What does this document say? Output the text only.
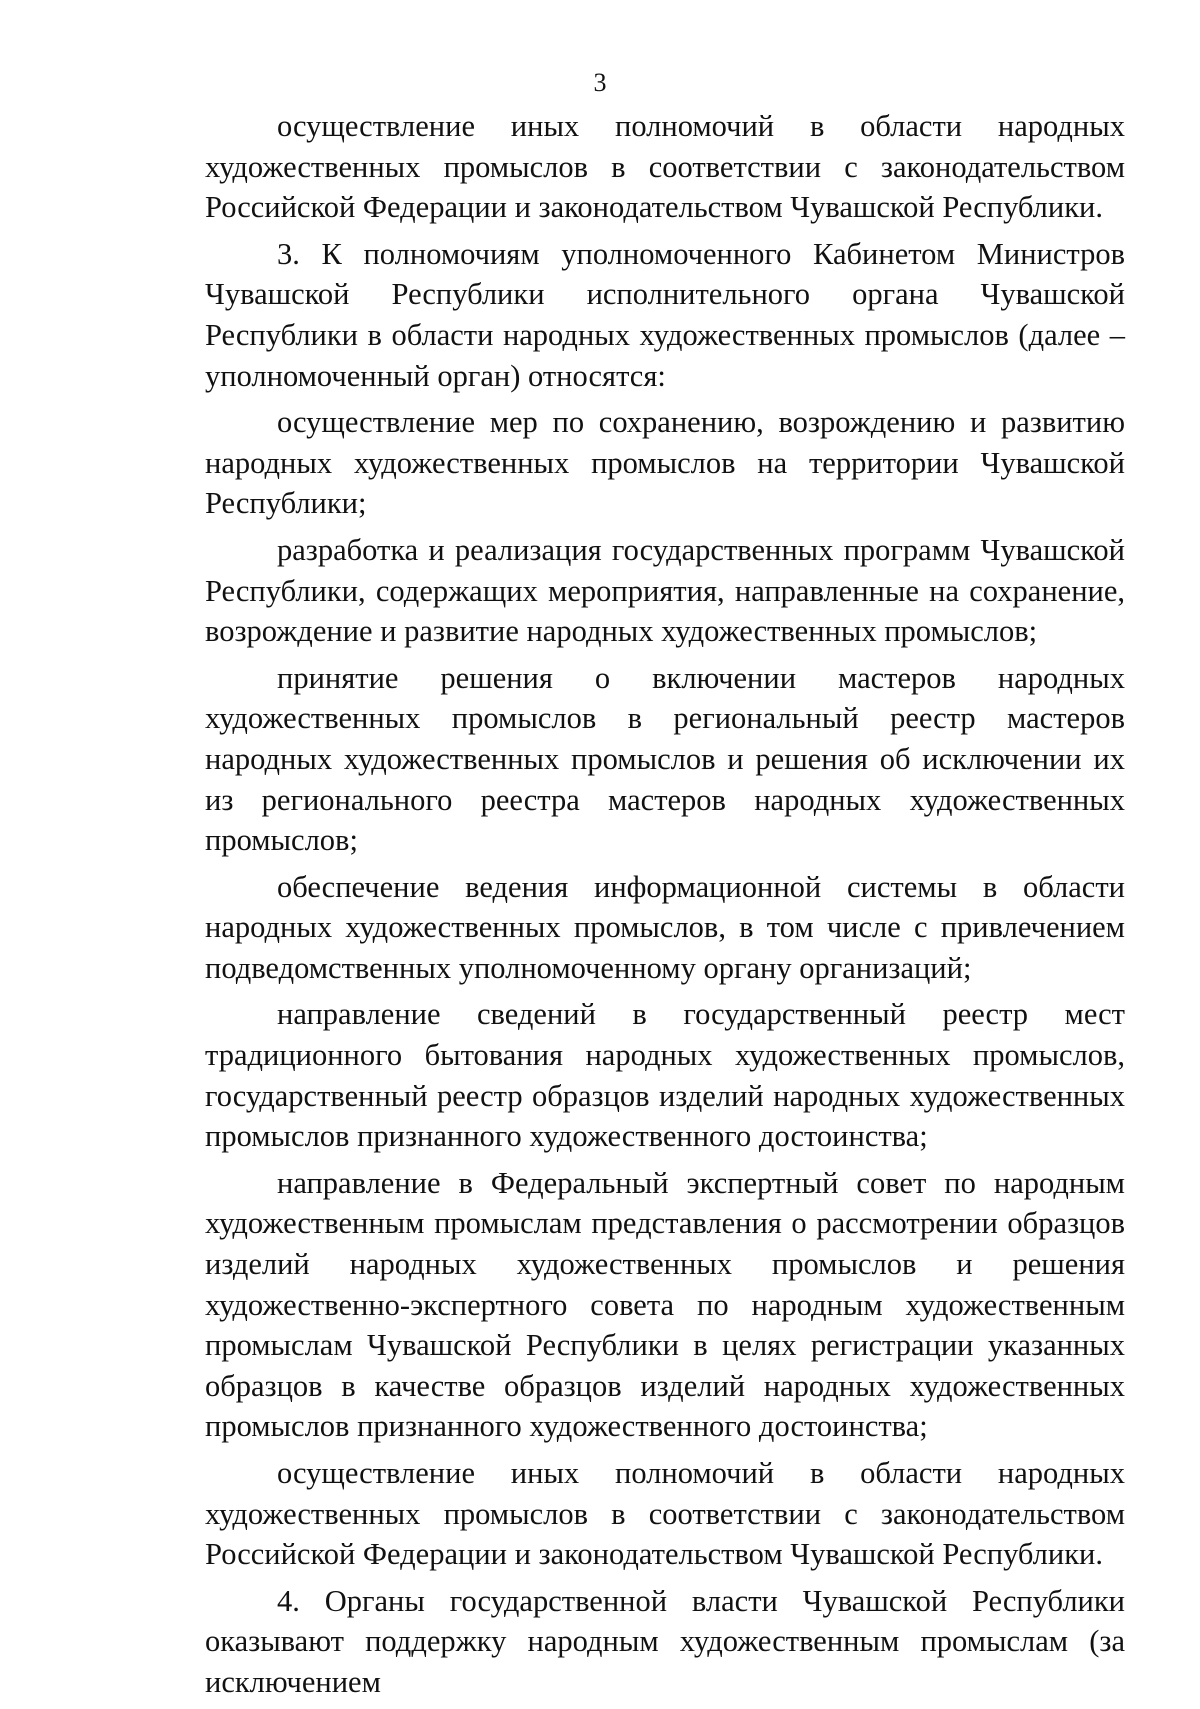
3

осуществление иных полномочий в области народных художественных промыслов в соответствии с законодательством Российской Федерации и законодательством Чувашской Республики.

3. К полномочиям уполномоченного Кабинетом Министров Чувашской Республики исполнительного органа Чувашской Республики в области народных художественных промыслов (далее – уполномоченный орган) относятся:

осуществление мер по сохранению, возрождению и развитию народных художественных промыслов на территории Чувашской Республики;

разработка и реализация государственных программ Чувашской Республики, содержащих мероприятия, направленные на сохранение, возрождение и развитие народных художественных промыслов;

принятие решения о включении мастеров народных художественных промыслов в региональный реестр мастеров народных художественных промыслов и решения об исключении их из регионального реестра мастеров народных художественных промыслов;

обеспечение ведения информационной системы в области народных художественных промыслов, в том числе с привлечением подведомственных уполномоченному органу организаций;

направление сведений в государственный реестр мест традиционного бытования народных художественных промыслов, государственный реестр образцов изделий народных художественных промыслов признанного художественного достоинства;

направление в Федеральный экспертный совет по народным художественным промыслам представления о рассмотрении образцов изделий народных художественных промыслов и решения художественно-экспертного совета по народным художественным промыслам Чувашской Республики в целях регистрации указанных образцов в качестве образцов изделий народных художественных промыслов признанного художественного достоинства;

осуществление иных полномочий в области народных художественных промыслов в соответствии с законодательством Российской Федерации и законодательством Чувашской Республики.

4. Органы государственной власти Чувашской Республики оказывают поддержку народным художественным промыслам (за исключением
